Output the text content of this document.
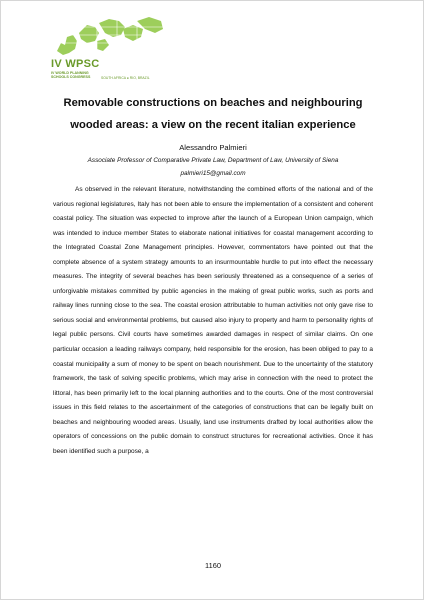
IV WPSC
IV WORLD PLANNING
SCHOOLS CONGRESS	SOUTH AFRICA ● RIO, BRAZIL
Removable constructions on beaches and neighbouring wooded areas: a view on the recent italian experience
Alessandro Palmieri
Associate Professor of Comparative Private Law, Department of Law, University of Siena
palmieri15@gmail.com
As observed in the relevant literature, notwithstanding the combined efforts of the national and of the various regional legislatures, Italy has not been able to ensure the implementation of a consistent and coherent coastal policy. The situation was expected to improve after the launch of a European Union campaign, which was intended to induce member States to elaborate national initiatives for coastal management according to the Integrated Coastal Zone Management principles. However, commentators have pointed out that the complete absence of a system strategy amounts to an insurmountable hurdle to put into effect the necessary measures. The integrity of several beaches has been seriously threatened as a consequence of a series of unforgivable mistakes committed by public agencies in the making of great public works, such as ports and railway lines running close to the sea. The coastal erosion attributable to human activities not only gave rise to serious social and environmental problems, but caused also injury to property and harm to personality rights of legal public persons. Civil courts have sometimes awarded damages in respect of similar claims. On one particular occasion a leading railways company, held responsible for the erosion, has been obliged to pay to a coastal municipality a sum of money to be spent on beach nourishment. Due to the uncertainty of the statutory framework, the task of solving specific problems, which may arise in connection with the need to protect the littoral, has been primarily left to the local planning authorities and to the courts. One of the most controversial issues in this field relates to the ascertainment of the categories of constructions that can be legally built on beaches and neighbouring wooded areas. Usually, land use instruments drafted by local authorities allow the operators of concessions on the public domain to construct structures for recreational activities. Once it has been identified such a purpose, a
1160
